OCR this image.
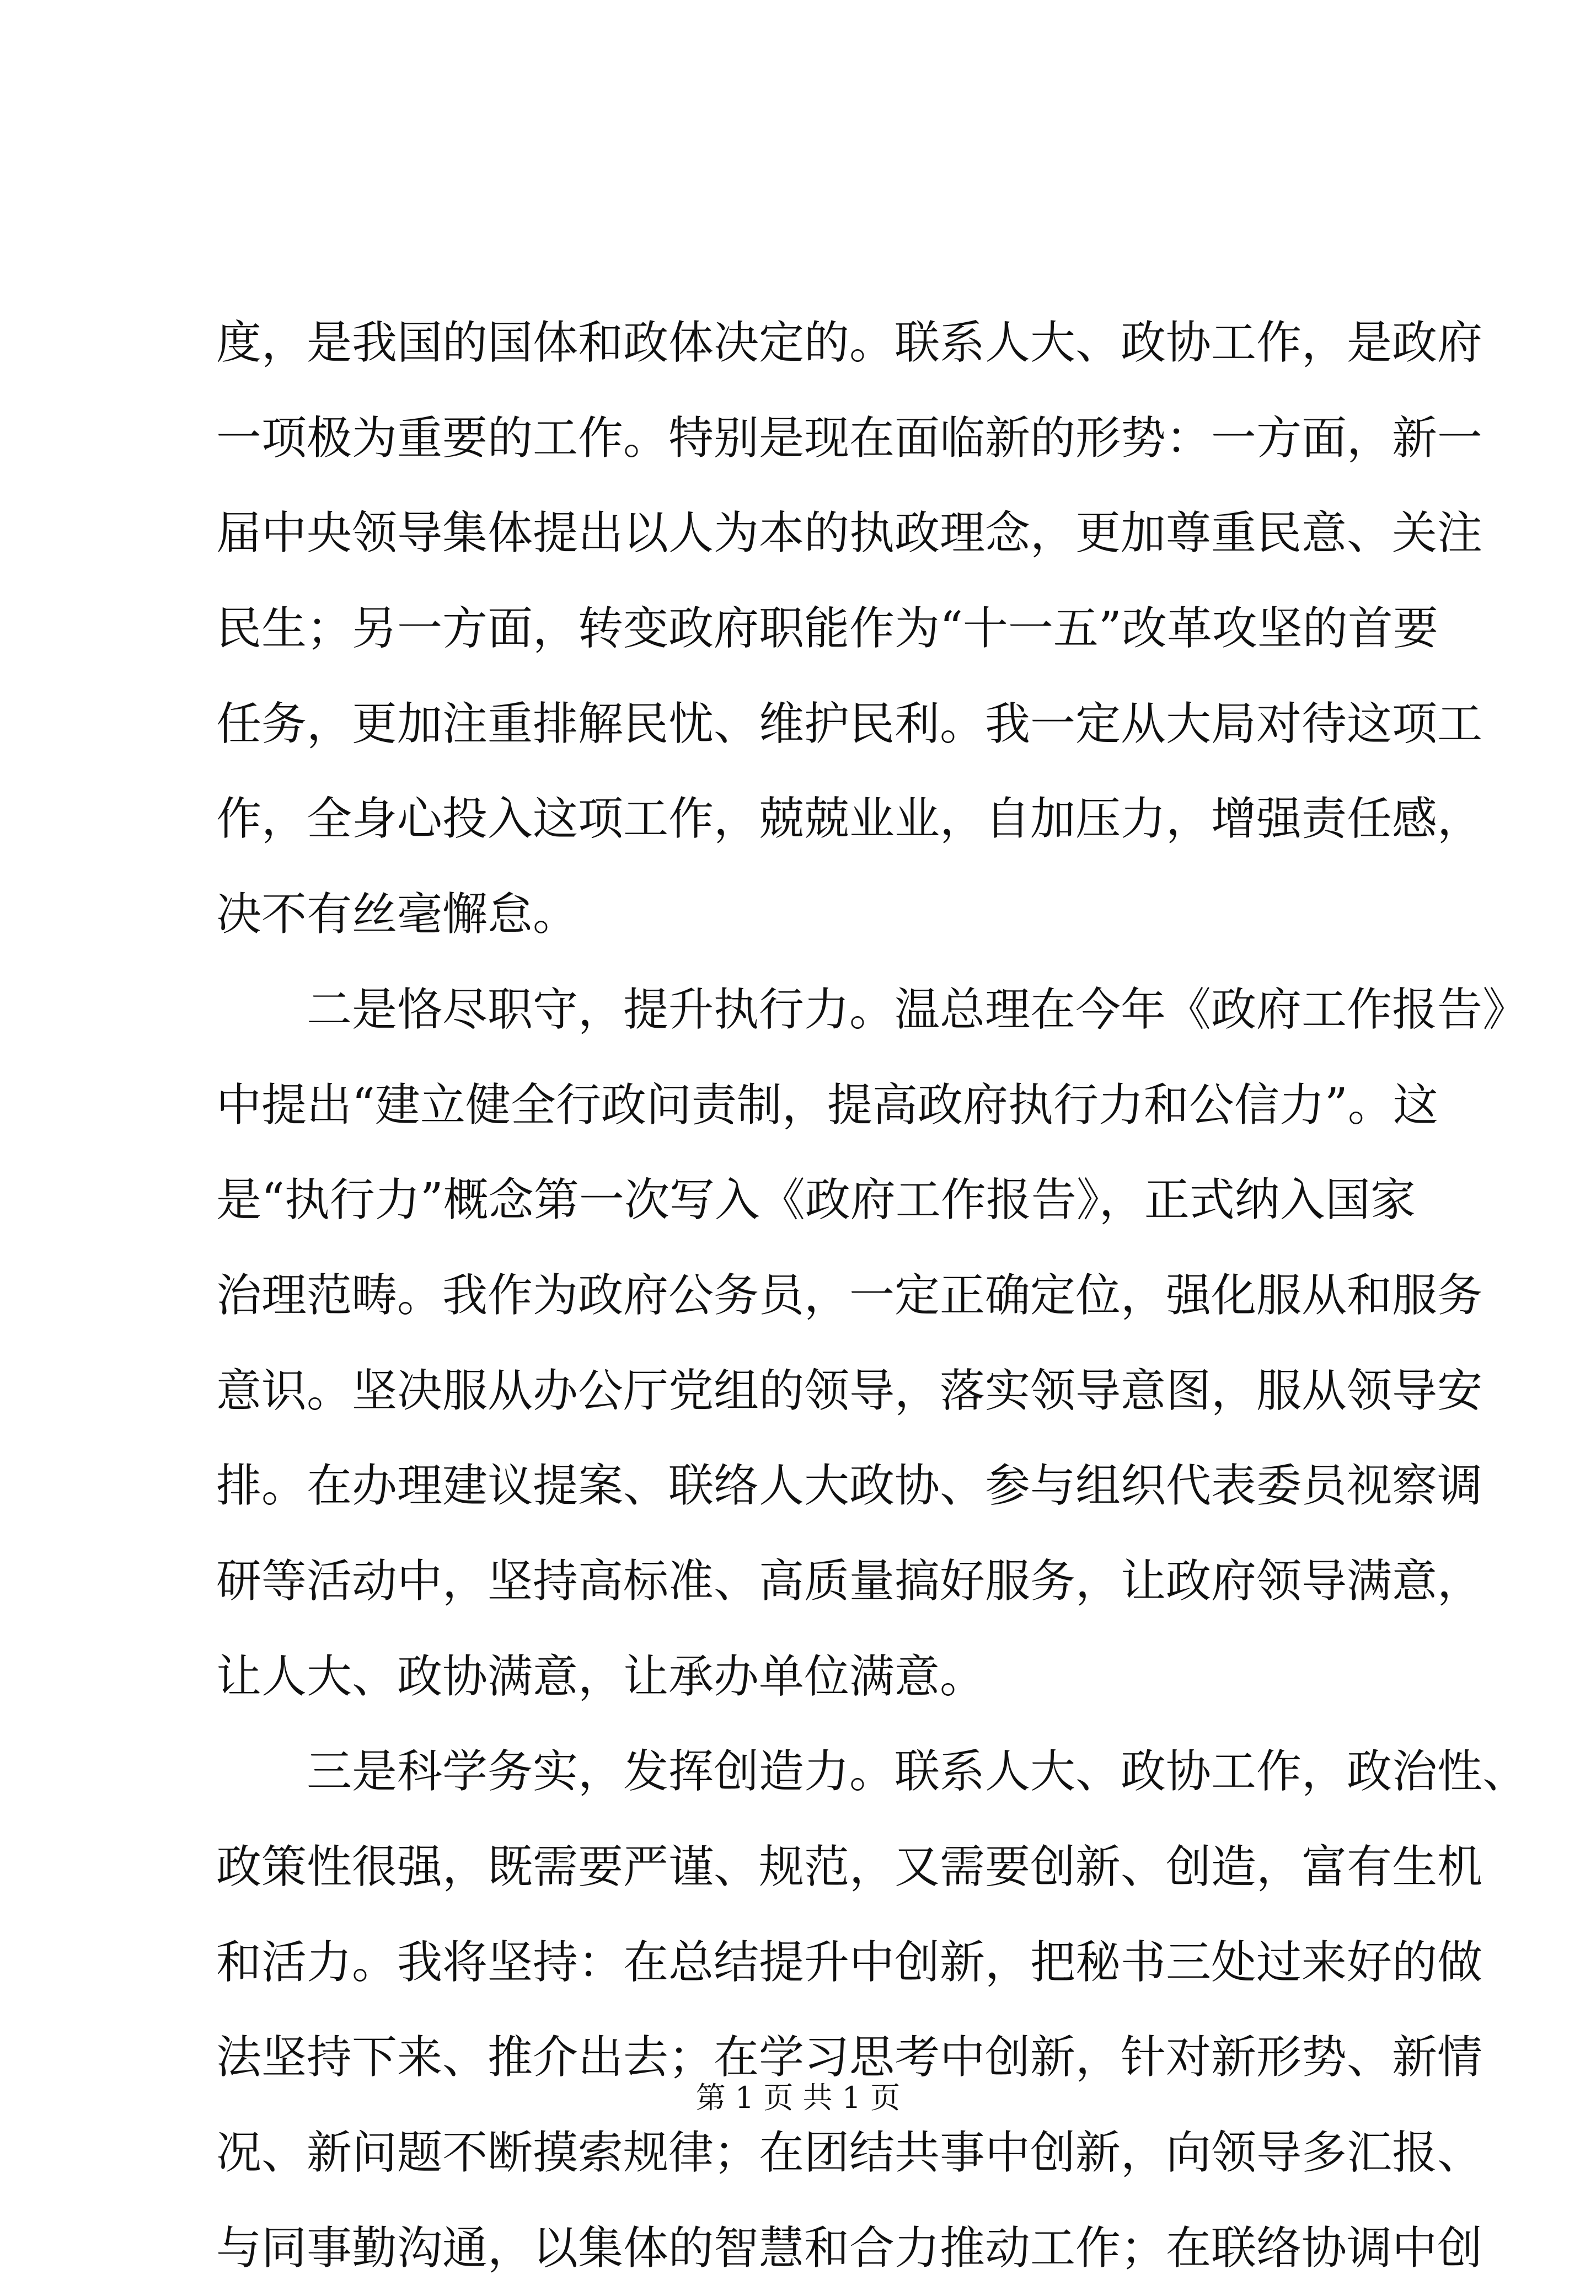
度，是我国的国体和政体决定的。联系人大、政协工作，是政府
一项极为重要的工作。特别是现在面临新的形势：一方面，新一
届中央领导集体提出以人为本的执政理念，更加尊重民意、关注
民生；另一方面，转变政府职能作为“十一五”改革攻坚的首要
任务，更加注重排解民忧、维护民利。我一定从大局对待这项工
作，全身心投入这项工作，兢兢业业，自加压力，增强责任感，
决不有丝毫懈怠。
二是恪尽职守，提升执行力。温总理在今年《政府工作报告》
中提出“建立健全行政问责制，提高政府执行力和公信力”。这
是“执行力”概念第一次写入《政府工作报告》，正式纳入国家
治理范畴。我作为政府公务员，一定正确定位，强化服从和服务
意识。坚决服从办公厅党组的领导，落实领导意图，服从领导安
排。在办理建议提案、联络人大政协、参与组织代表委员视察调
研等活动中，坚持高标准、高质量搞好服务，让政府领导满意，
让人大、政协满意，让承办单位满意。
三是科学务实，发挥创造力。联系人大、政协工作，政治性、
政策性很强，既需要严谨、规范，又需要创新、创造，富有生机
和活力。我将坚持：在总结提升中创新，把秘书三处过来好的做
法坚持下来、推介出去；在学习思考中创新，针对新形势、新情
况、新问题不断摸索规律；在团结共事中创新，向领导多汇报、
与同事勤沟通，以集体的智慧和合力推动工作；在联络协调中创
第 1 页 共 1 页
